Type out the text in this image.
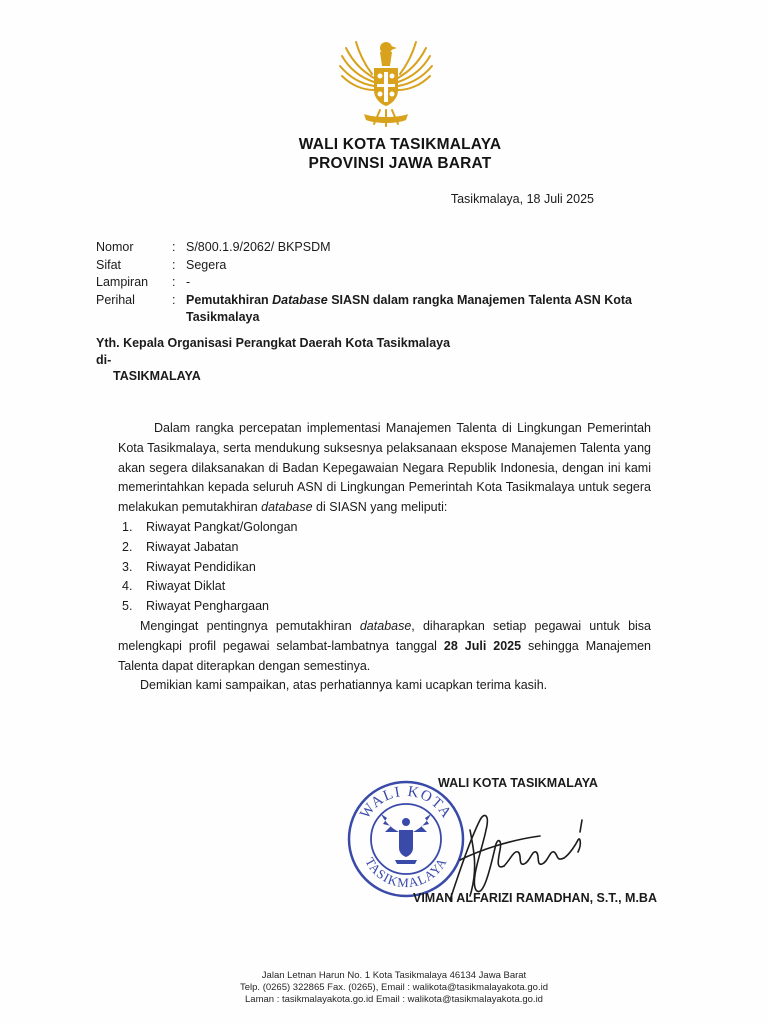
WALI KOTA TASIKMALAYA
PROVINSI JAWA BARAT
Tasikmalaya, 18 Juli 2025
Nomor	: S/800.1.9/2062/ BKPSDM
Sifat	: Segera
Lampiran	: -
Perihal	: Pemutakhiran Database SIASN dalam rangka Manajemen Talenta ASN Kota Tasikmalaya
Yth. Kepala Organisasi Perangkat Daerah Kota Tasikmalaya
di-
TASIKMALAYA

Dalam rangka percepatan implementasi Manajemen Talenta di Lingkungan Pemerintah Kota Tasikmalaya, serta mendukung suksesnya pelaksanaan ekspose Manajemen Talenta yang akan segera dilaksanakan di Badan Kepegawaian Negara Republik Indonesia, dengan ini kami memerintahkan kepada seluruh ASN di Lingkungan Pemerintah Kota Tasikmalaya untuk segera melakukan pemutakhiran database di SIASN yang meliputi:

1.	Riwayat Pangkat/Golongan
2.	Riwayat Jabatan
3.	Riwayat Pendidikan
4.	Riwayat Diklat
5.	Riwayat Penghargaan

Mengingat pentingnya pemutakhiran database, diharapkan setiap pegawai untuk bisa melengkapi profil pegawai selambat-lambatnya tanggal 28 Juli 2025 sehingga Manajemen Talenta dapat diterapkan dengan semestinya.

Demikian kami sampaikan, atas perhatiannya kami ucapkan terima kasih.

WALI KOTA
TASIKMALAYA
WALI KOTA TASIKMALAYA
VIMAN ALFARIZI RAMADHAN, S.T., M.BA
Jalan Letnan Harun No. 1 Kota Tasikmalaya 46134 Jawa Barat
Telp. (0265) 322865 Fax. (0265), Email : walikota@tasikmalayakota.go.id
Laman : tasikmalayakota.go.id Email : walikota@tasikmalayakota.go.id
